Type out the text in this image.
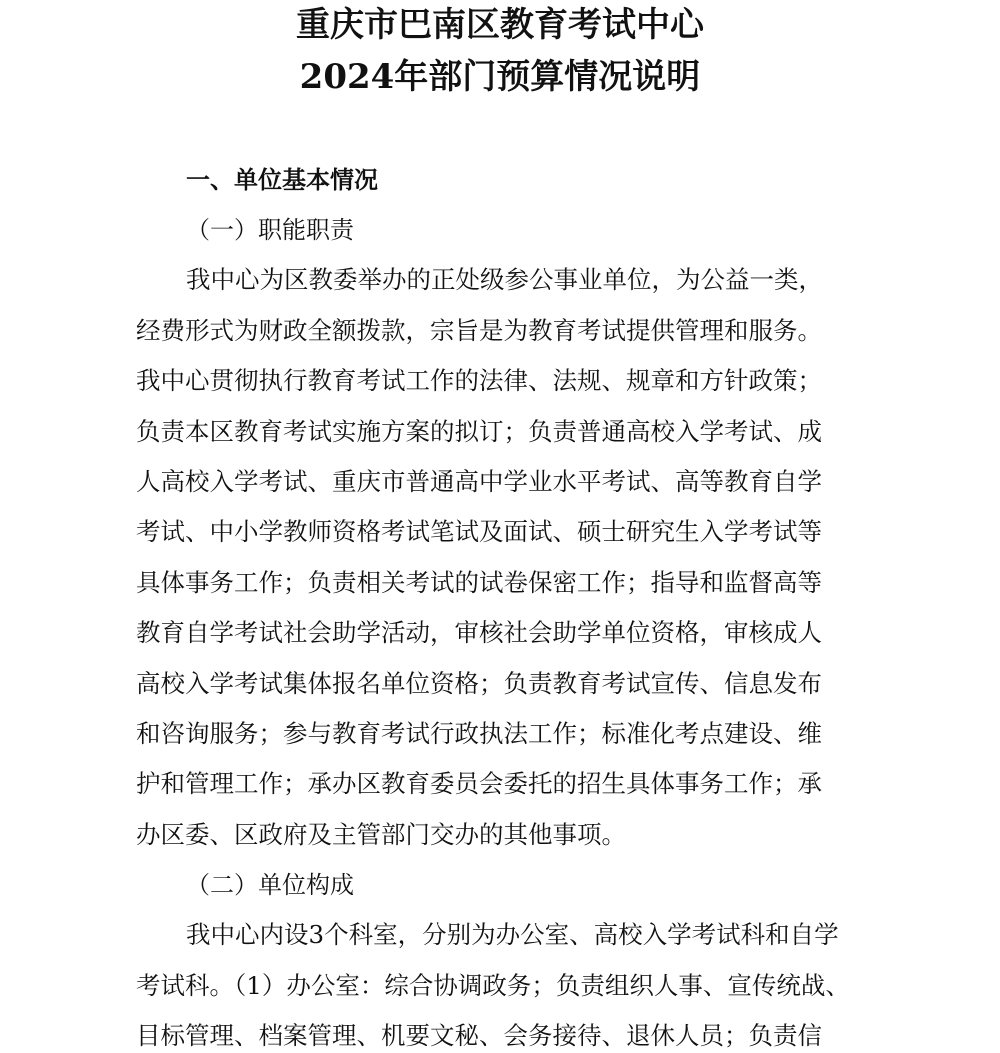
重庆市巴南区教育考试中心
2024年部门预算情况说明
一、单位基本情况
（一）职能职责
我中心为区教委举办的正处级参公事业单位，为公益一类，
经费形式为财政全额拨款，宗旨是为教育考试提供管理和服务。
我中心贯彻执行教育考试工作的法律、法规、规章和方针政策；
负责本区教育考试实施方案的拟订；负责普通高校入学考试、成
人高校入学考试、重庆市普通高中学业水平考试、高等教育自学
考试、中小学教师资格考试笔试及面试、硕士研究生入学考试等
具体事务工作；负责相关考试的试卷保密工作；指导和监督高等
教育自学考试社会助学活动，审核社会助学单位资格，审核成人
高校入学考试集体报名单位资格；负责教育考试宣传、信息发布
和咨询服务；参与教育考试行政执法工作；标准化考点建设、维
护和管理工作；承办区教育委员会委托的招生具体事务工作；承
办区委、区政府及主管部门交办的其他事项。
（二）单位构成
我中心内设3个科室，分别为办公室、高校入学考试科和自学
考试科。（1）办公室：综合协调政务；负责组织人事、宣传统战、
目标管理、档案管理、机要文秘、会务接待、退休人员；负责信
